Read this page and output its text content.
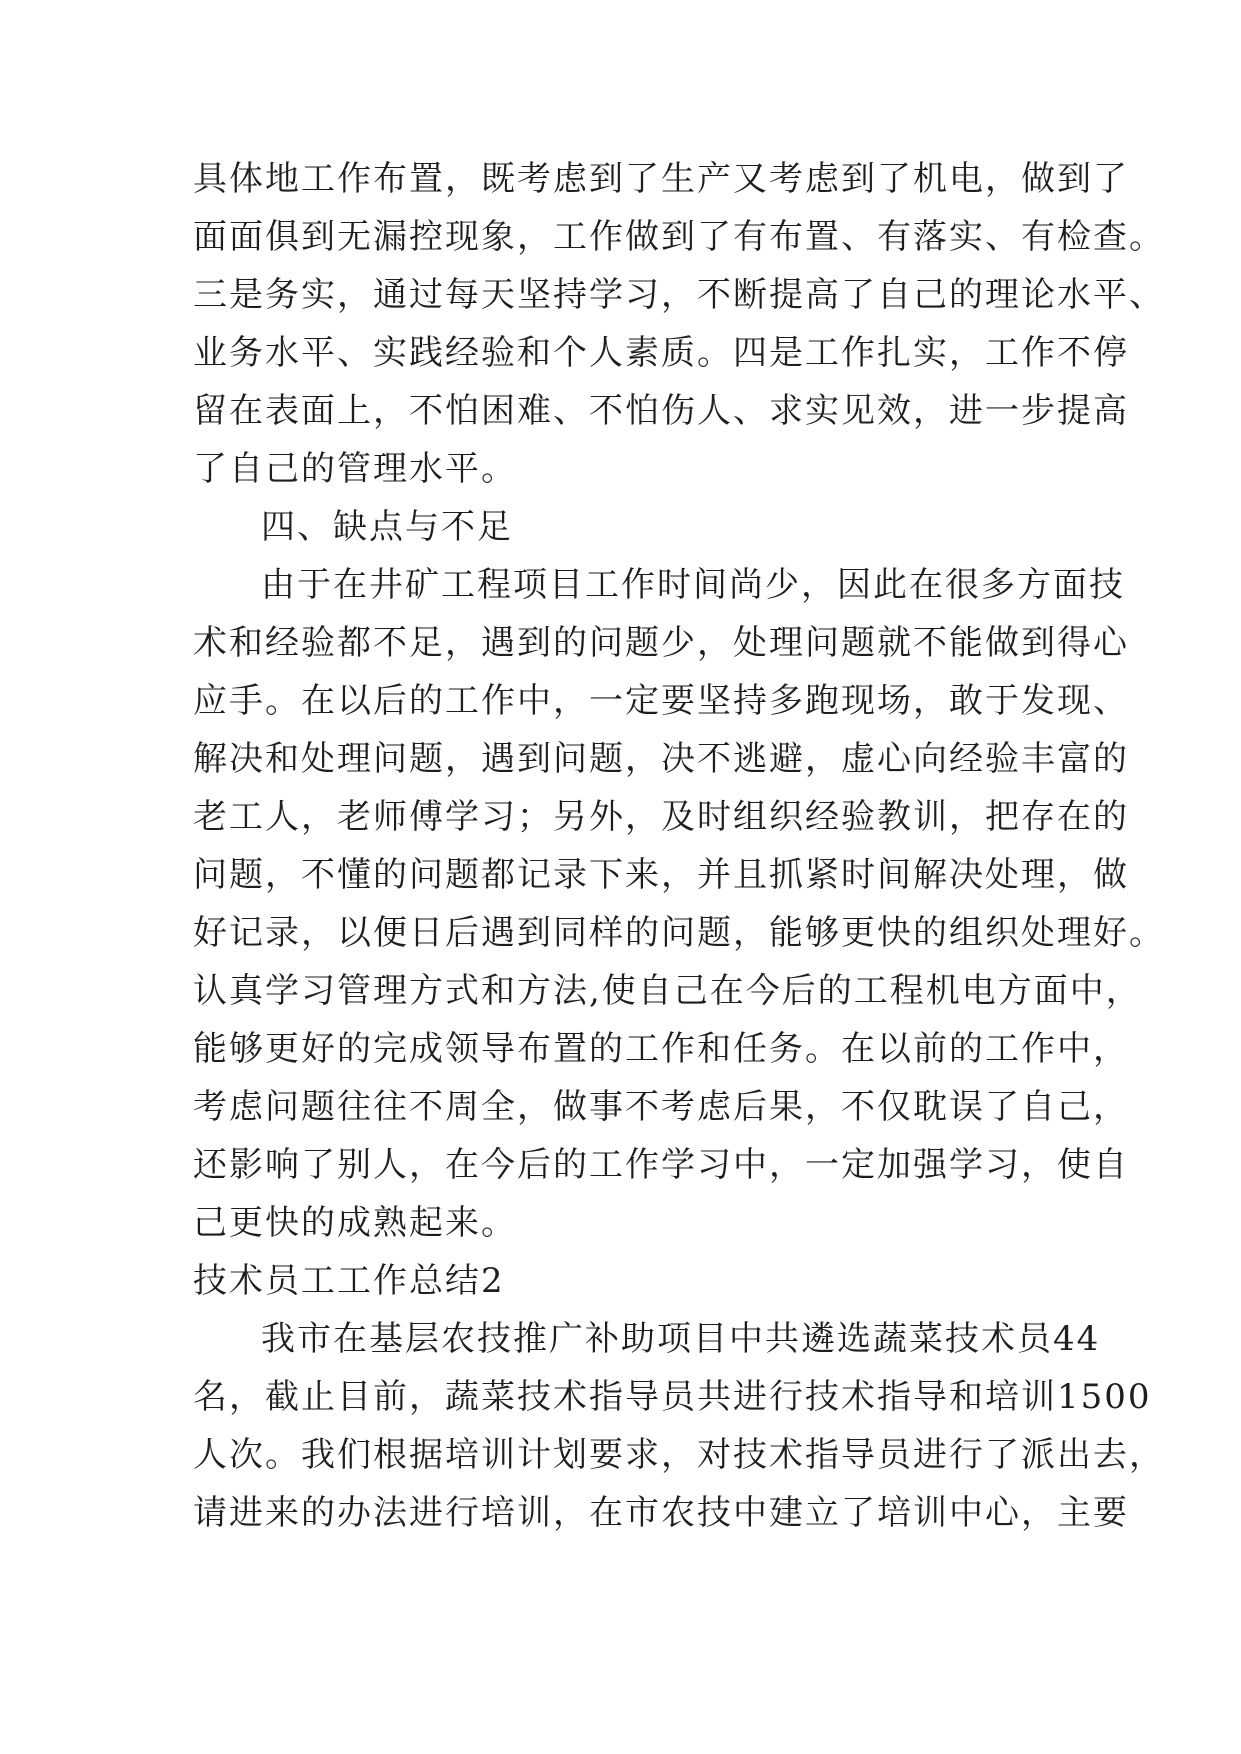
具体地工作布置，既考虑到了生产又考虑到了机电，做到了
面面俱到无漏控现象，工作做到了有布置、有落实、有检查。
三是务实，通过每天坚持学习，不断提高了自己的理论水平、
业务水平、实践经验和个人素质。四是工作扎实，工作不停
留在表面上，不怕困难、不怕伤人、求实见效，进一步提高
了自己的管理水平。
四、缺点与不足
由于在井矿工程项目工作时间尚少，因此在很多方面技
术和经验都不足，遇到的问题少，处理问题就不能做到得心
应手。在以后的工作中，一定要坚持多跑现场，敢于发现、
解决和处理问题，遇到问题，决不逃避，虚心向经验丰富的
老工人，老师傅学习；另外，及时组织经验教训，把存在的
问题，不懂的问题都记录下来，并且抓紧时间解决处理，做
好记录，以便日后遇到同样的问题，能够更快的组织处理好。
认真学习管理方式和方法,使自己在今后的工程机电方面中，
能够更好的完成领导布置的工作和任务。在以前的工作中，
考虑问题往往不周全，做事不考虑后果，不仅耽误了自己，
还影响了别人，在今后的工作学习中，一定加强学习，使自
己更快的成熟起来。
技术员工工作总结2
我市在基层农技推广补助项目中共遴选蔬菜技术员44
名，截止目前，蔬菜技术指导员共进行技术指导和培训1500
人次。我们根据培训计划要求，对技术指导员进行了派出去，
请进来的办法进行培训，在市农技中建立了培训中心，主要
